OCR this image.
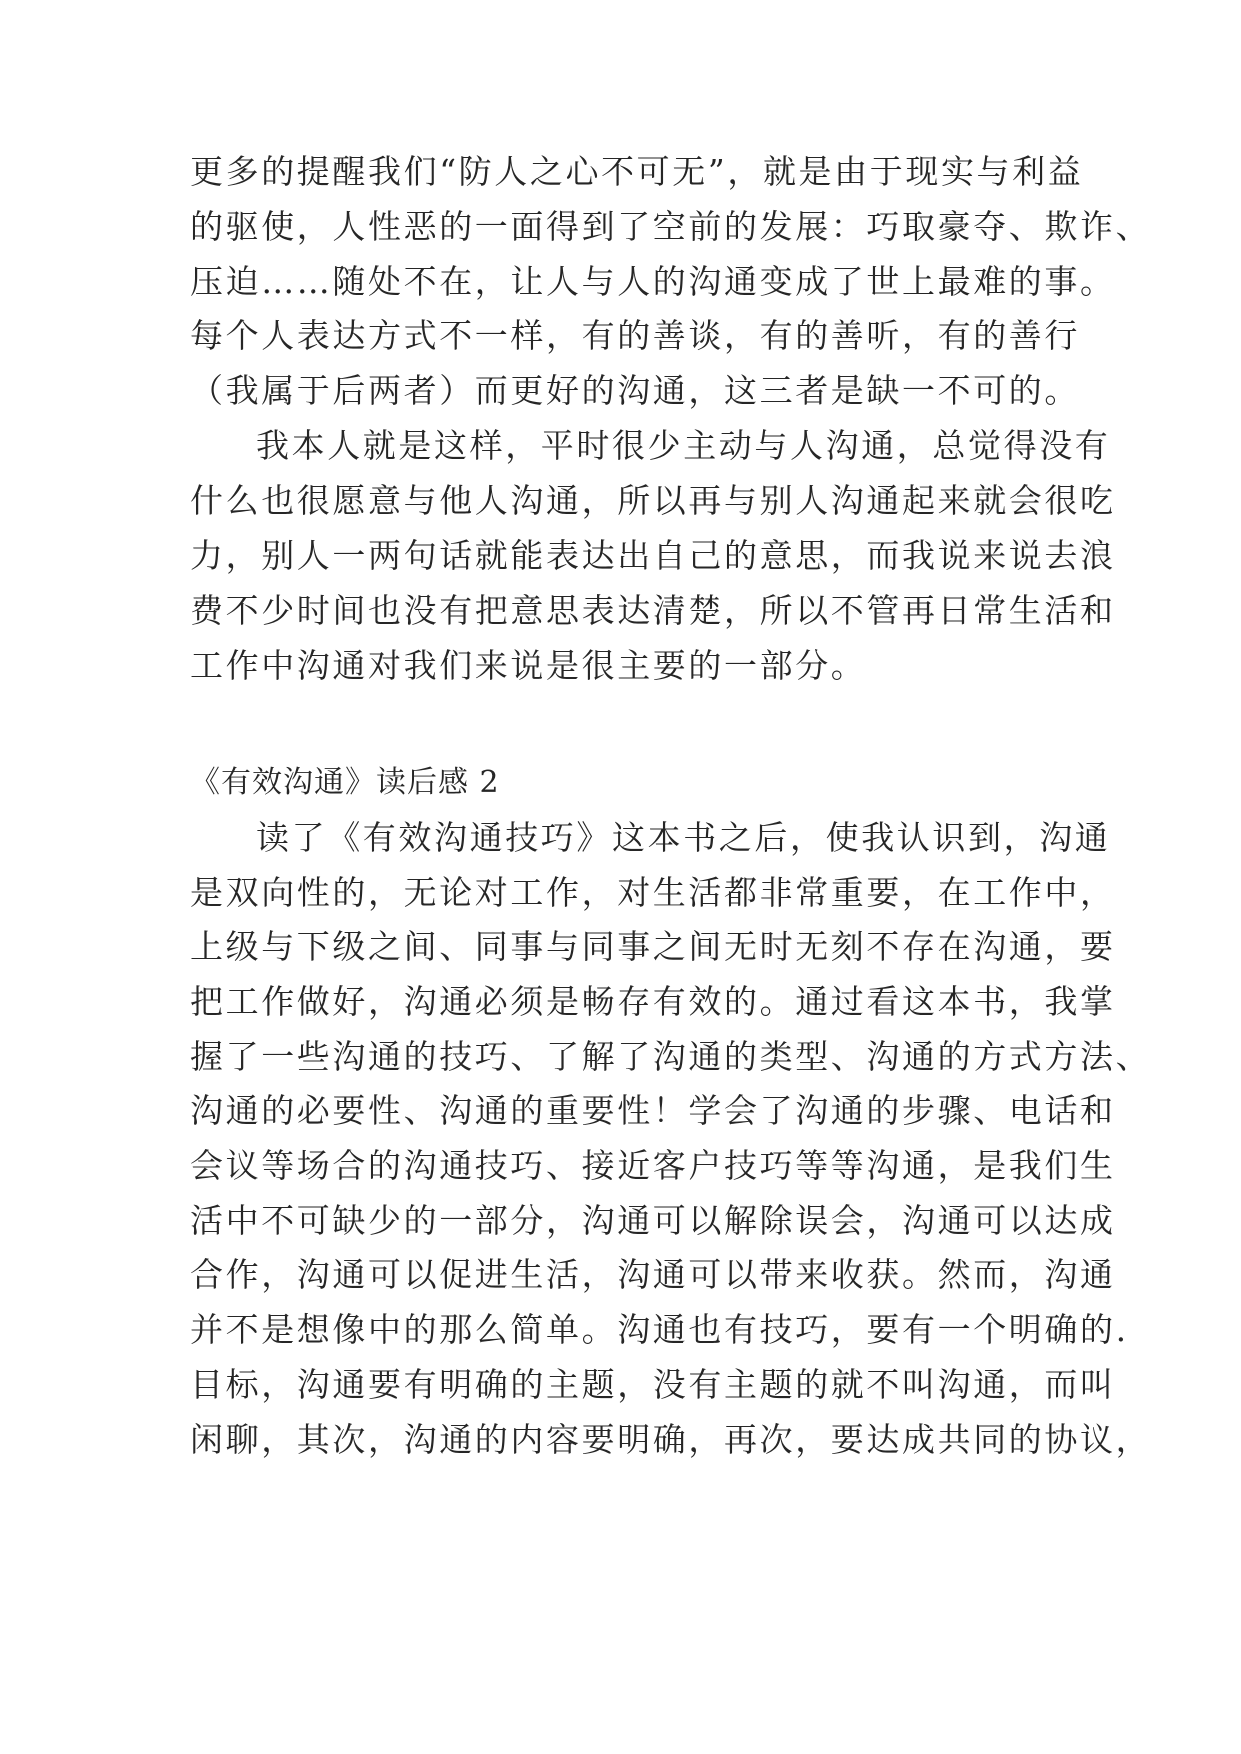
更多的提醒我们“防人之心不可无”，就是由于现实与利益
的驱使，人性恶的一面得到了空前的发展：巧取豪夺、欺诈、
压迫……随处不在，让人与人的沟通变成了世上最难的事。
每个人表达方式不一样，有的善谈，有的善听，有的善行
（我属于后两者）而更好的沟通，这三者是缺一不可的。
我本人就是这样，平时很少主动与人沟通，总觉得没有
什么也很愿意与他人沟通，所以再与别人沟通起来就会很吃
力，别人一两句话就能表达出自己的意思，而我说来说去浪
费不少时间也没有把意思表达清楚，所以不管再日常生活和
工作中沟通对我们来说是很主要的一部分。
《有效沟通》读后感 2
读了《有效沟通技巧》这本书之后，使我认识到，沟通
是双向性的，无论对工作，对生活都非常重要，在工作中，
上级与下级之间、同事与同事之间无时无刻不存在沟通，要
把工作做好，沟通必须是畅存有效的。通过看这本书，我掌
握了一些沟通的技巧、了解了沟通的类型、沟通的方式方法、
沟通的必要性、沟通的重要性！学会了沟通的步骤、电话和
会议等场合的沟通技巧、接近客户技巧等等沟通，是我们生
活中不可缺少的一部分，沟通可以解除误会，沟通可以达成
合作，沟通可以促进生活，沟通可以带来收获。然而，沟通
并不是想像中的那么简单。沟通也有技巧，要有一个明确的.
目标，沟通要有明确的主题，没有主题的就不叫沟通，而叫
闲聊，其次，沟通的内容要明确，再次，要达成共同的协议，
